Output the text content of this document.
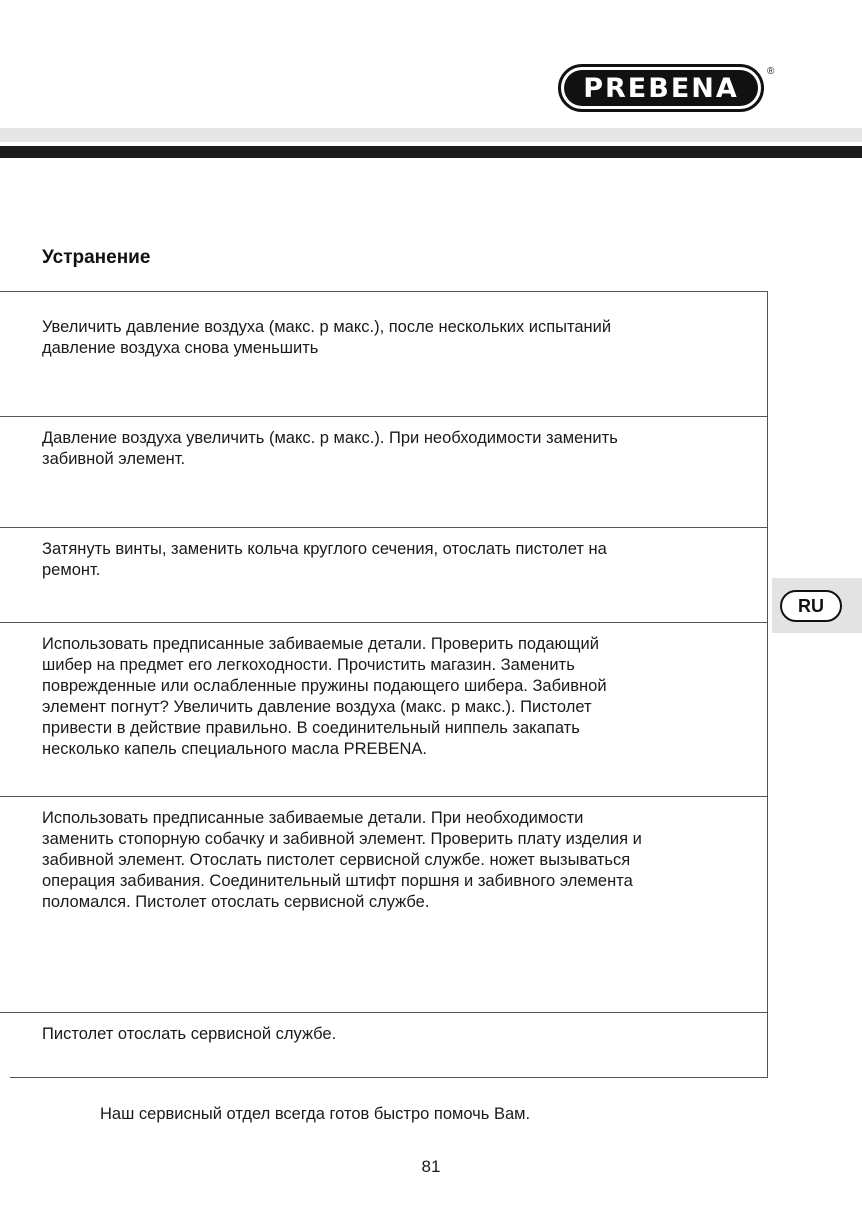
PREBENA
®
Устранение
Увеличить давление воздуха (макс. р макс.), после нескольких испытаний
давление воздуха снова уменьшить
Давление воздуха увеличить (макс. р макс.). При необходимости заменить
забивной элемент.
Затянуть винты, заменить кольча круглого сечения, отослать пистолет на
ремонт.
Использовать предписанные забиваемые детали. Проверить подающий
шибер на предмет его легкоходности. Прочистить магазин. Заменить
поврежденные или ослабленные пружины подающего шибера. Забивной
элемент погнут? Увеличить давление воздуха (макс. р макс.). Пистолет
привести в действие правильно. В соединительный ниппель закапать
несколько капель специального масла PREBENA.
Использовать предписанные забиваемые детали. При необходимости
заменить стопорную собачку и забивной элемент. Проверить плату изделия и
забивной элемент. Отослать пистолет сервисной службе. ножет вызываться
операция забивания. Соединительный штифт поршня и забивного элемента
поломался. Пистолет отослать сервисной службе.
Пистолет отослать сервисной службе.
RU
Наш сервисный отдел всегда готов быстро помочь Вам.
81
